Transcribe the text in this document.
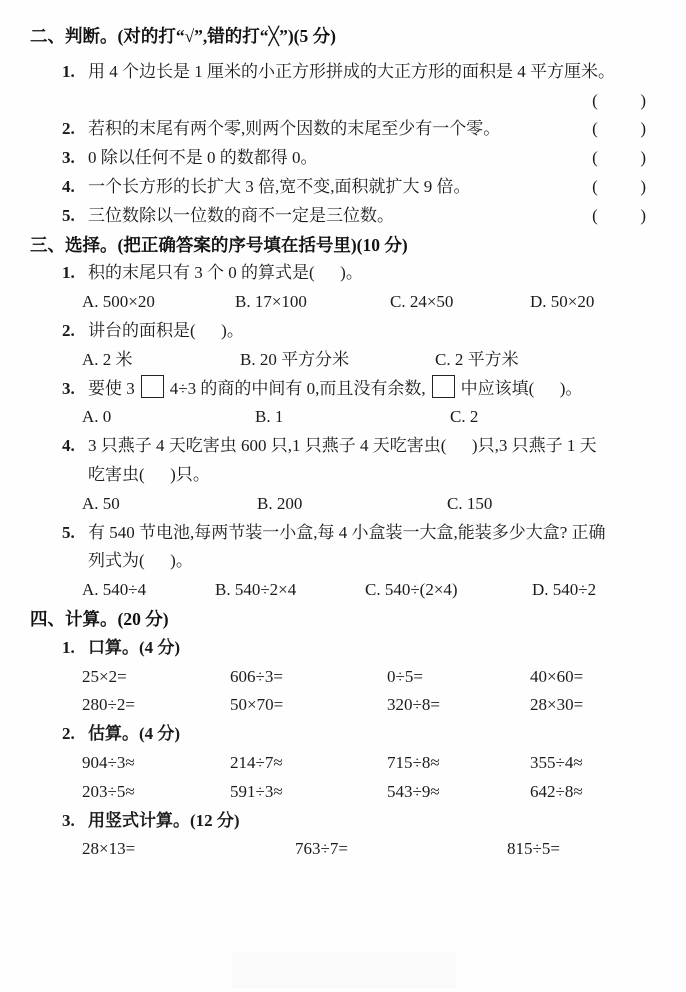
二、判断。(对的打“√”,错的打“╳”)(5 分)
1. 用 4 个边长是 1 厘米的小正方形拼成的大正方形的面积是 4 平方厘米。
(          )
2. 若积的末尾有两个零,则两个因数的末尾至少有一个零。	(          )
3. 0 除以任何不是 0 的数都得 0。	(          )
4. 一个长方形的长扩大 3 倍,宽不变,面积就扩大 9 倍。	(          )
5. 三位数除以一位数的商不一定是三位数。	(          )
三、选择。(把正确答案的序号填在括号里)(10 分)
1. 积的末尾只有 3 个 0 的算式是(      )。
A. 500×20	B. 17×100	C. 24×50	D. 50×20
2. 讲台的面积是(      )。
A. 2 米	B. 20 平方分米	C. 2 平方米
3. 要使 3 4÷3 的商的中间有 0,而且没有余数, 中应该填(      )。
A. 0	B. 1	C. 2
4. 3 只燕子 4 天吃害虫 600 只,1 只燕子 4 天吃害虫(      )只,3 只燕子 1 天
吃害虫(      )只。
A. 50	B. 200	C. 150
5. 有 540 节电池,每两节装一小盒,每 4 小盒装一大盒,能装多少大盒? 正确
列式为(      )。
A. 540÷4	B. 540÷2×4	C. 540÷(2×4)	D. 540÷2
四、计算。(20 分)
1. 口算。(4 分)
25×2=	606÷3=	0÷5=	40×60=
280÷2=	50×70=	320÷8=	28×30=
2. 估算。(4 分)
904÷3≈	214÷7≈	715÷8≈	355÷4≈
203÷5≈	591÷3≈	543÷9≈	642÷8≈
3. 用竖式计算。(12 分)
28×13=	763÷7=	815÷5=
